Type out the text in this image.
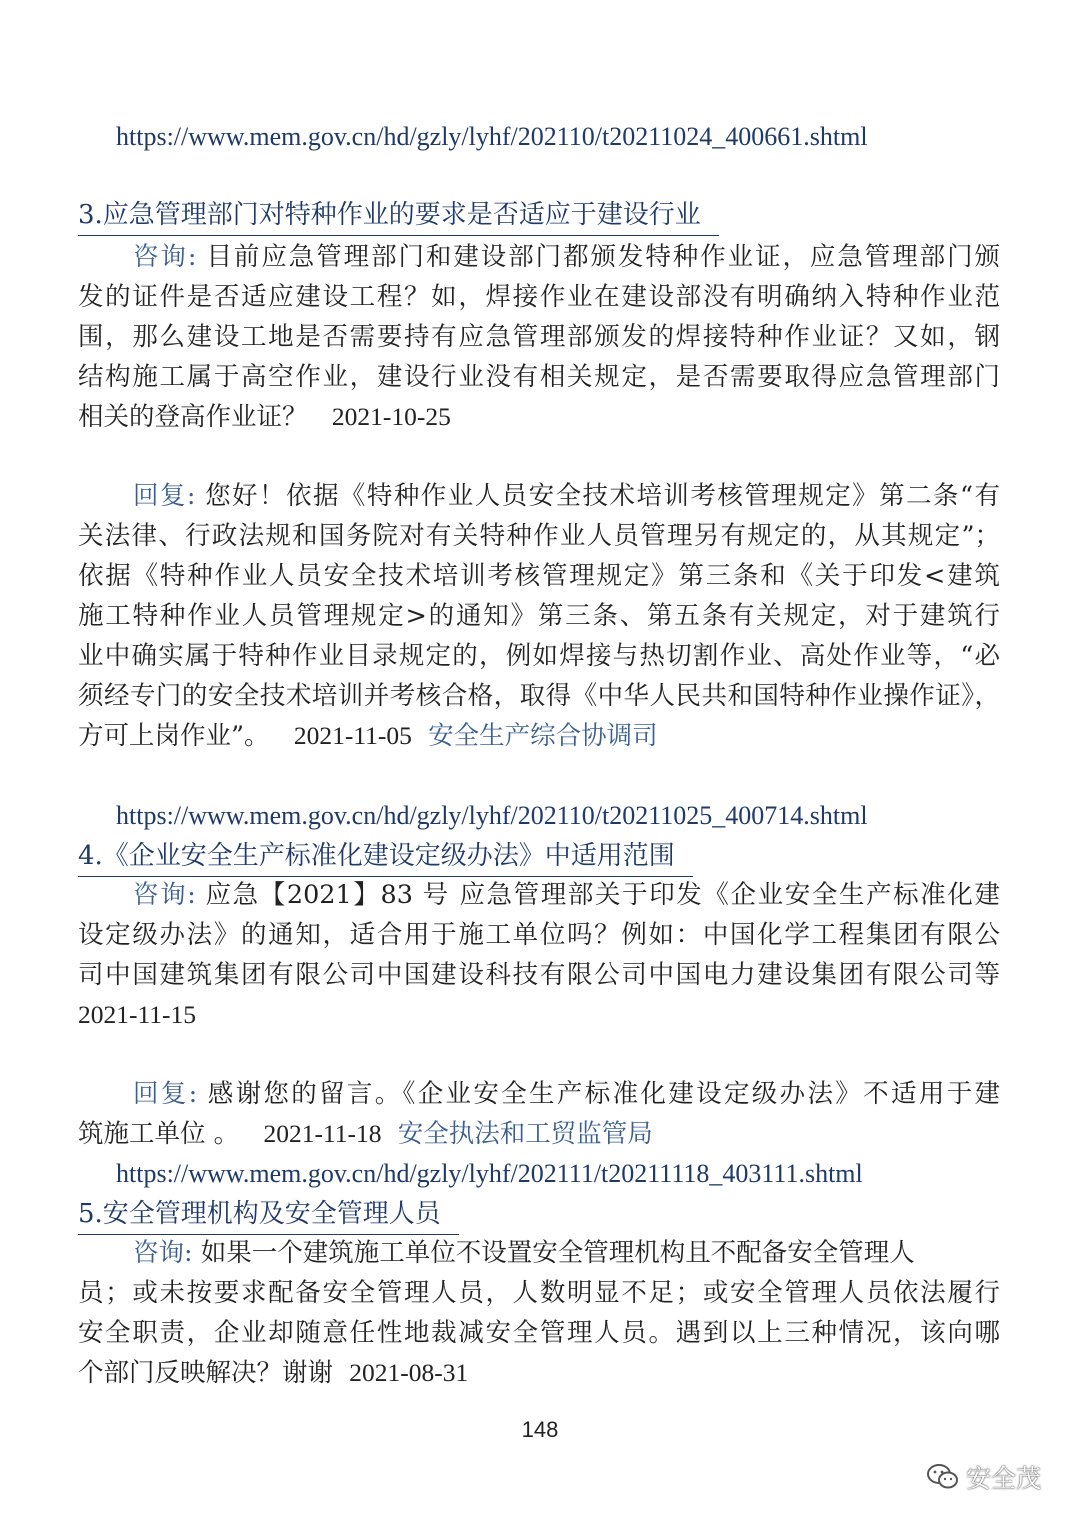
https://www.mem.gov.cn/hd/gzly/lyhf/202110/t20211024_400661.shtml
3.应急管理部门对特种作业的要求是否适应于建设行业
咨询: 目前应急管理部门和建设部门都颁发特种作业证，应急管理部门颁
发的证件是否适应建设工程？如，焊接作业在建设部没有明确纳入特种作业范
围，那么建设工地是否需要持有应急管理部颁发的焊接特种作业证？又如，钢
结构施工属于高空作业，建设行业没有相关规定，是否需要取得应急管理部门
相关的登高作业证？ 2021-10-25
回复: 您好！依据《特种作业人员安全技术培训考核管理规定》第二条“有
关法律、行政法规和国务院对有关特种作业人员管理另有规定的，从其规定”；
依据《特种作业人员安全技术培训考核管理规定》第三条和《关于印发<建筑
施工特种作业人员管理规定>的通知》第三条、第五条有关规定，对于建筑行
业中确实属于特种作业目录规定的，例如焊接与热切割作业、高处作业等，“必
须经专门的安全技术培训并考核合格，取得《中华人民共和国特种作业操作证》，
方可上岗作业”。 2021-11-05 安全生产综合协调司
https://www.mem.gov.cn/hd/gzly/lyhf/202110/t20211025_400714.shtml
4.《企业安全生产标准化建设定级办法》中适用范围
咨询: 应急【2021】83 号 应急管理部关于印发《企业安全生产标准化建
设定级办法》的通知，适合用于施工单位吗？例如：中国化学工程集团有限公
司中国建筑集团有限公司中国建设科技有限公司中国电力建设集团有限公司等
2021-11-15
回复: 感谢您的留言。《企业安全生产标准化建设定级办法》不适用于建
筑施工单位 。 2021-11-18 安全执法和工贸监管局
https://www.mem.gov.cn/hd/gzly/lyhf/202111/t20211118_403111.shtml
5.安全管理机构及安全管理人员
咨询: 如果一个建筑施工单位不设置安全管理机构且不配备安全管理人
员；或未按要求配备安全管理人员，人数明显不足；或安全管理人员依法履行
安全职责，企业却随意任性地裁减安全管理人员。遇到以上三种情况，该向哪
个部门反映解决？谢谢 2021-08-31
148
安全茂
